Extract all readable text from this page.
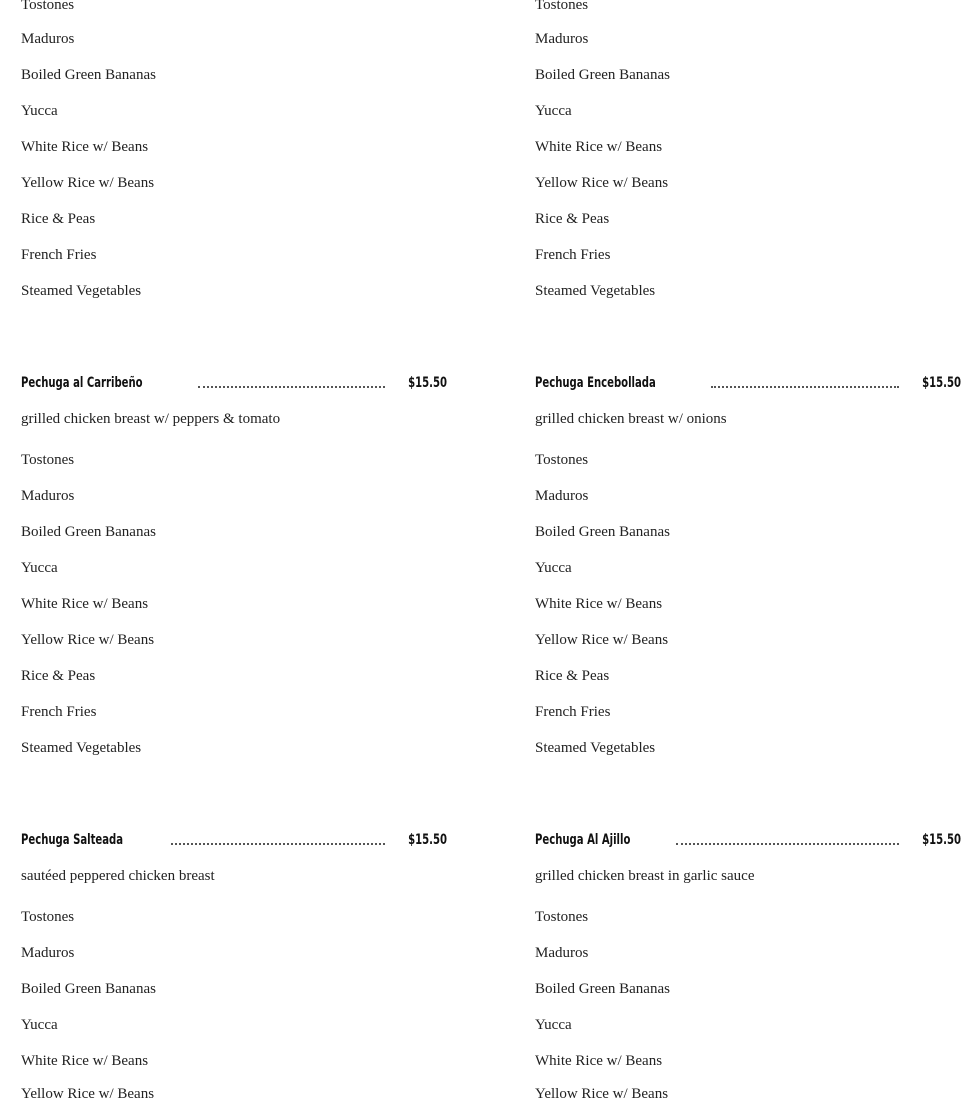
Tostones
Maduros
Boiled Green Bananas
Yucca
White Rice w/ Beans
Yellow Rice w/ Beans
Rice & Peas
French Fries
Steamed Vegetables
Pechuga al Carribeño	$15.50
grilled chicken breast w/ peppers & tomato
Tostones
Maduros
Boiled Green Bananas
Yucca
White Rice w/ Beans
Yellow Rice w/ Beans
Rice & Peas
French Fries
Steamed Vegetables
Pechuga Salteada	$15.50
sautéed peppered chicken breast
Tostones
Maduros
Boiled Green Bananas
Yucca
White Rice w/ Beans
Yellow Rice w/ Beans
Tostones
Maduros
Boiled Green Bananas
Yucca
White Rice w/ Beans
Yellow Rice w/ Beans
Rice & Peas
French Fries
Steamed Vegetables
Pechuga Encebollada	$15.50
grilled chicken breast w/ onions
Tostones
Maduros
Boiled Green Bananas
Yucca
White Rice w/ Beans
Yellow Rice w/ Beans
Rice & Peas
French Fries
Steamed Vegetables
Pechuga Al Ajillo	$15.50
grilled chicken breast in garlic sauce
Tostones
Maduros
Boiled Green Bananas
Yucca
White Rice w/ Beans
Yellow Rice w/ Beans
